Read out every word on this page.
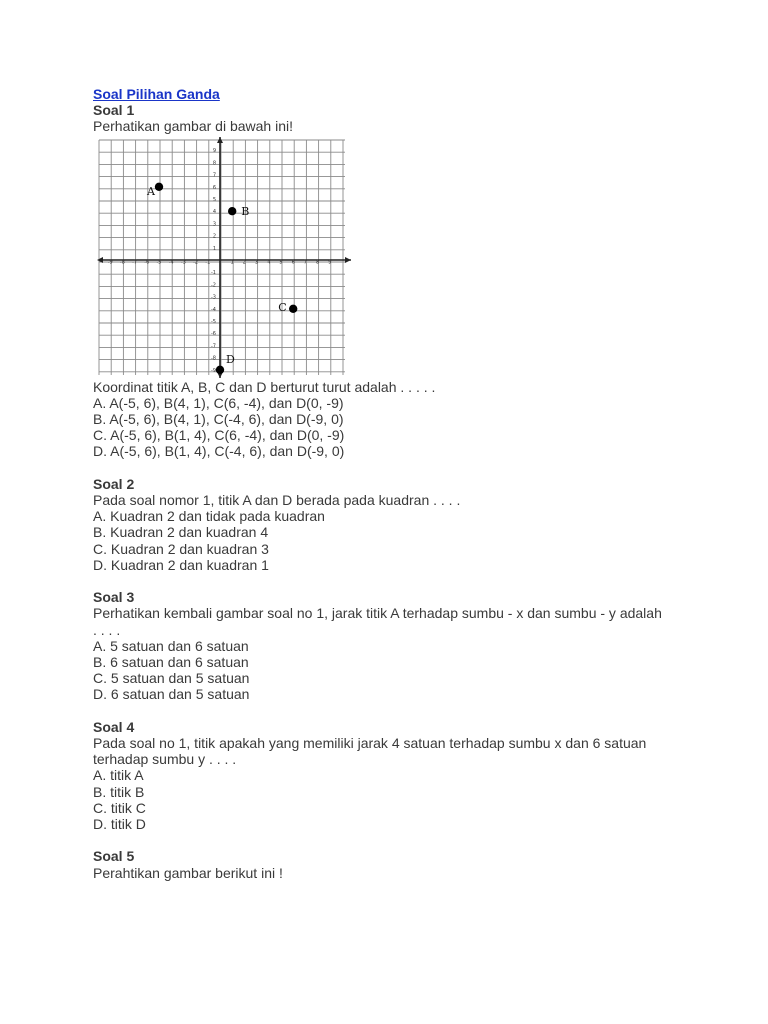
Soal Pilihan Ganda
Soal 1
Perhatikan gambar di bawah ini!
-9 -8 -7 -6 -5 -4 -3 -2 -1	1 2 3 4 5 6 7 8 9
9
8
7
6
5
4
3
2
1
-1
-2
-3
-4
-5
-6
-7
-8
-9
A
B
C
D
Koordinat titik A, B, C dan D berturut turut adalah . . . . .
A. A(-5, 6), B(4, 1), C(6, -4), dan D(0, -9)
B. A(-5, 6), B(4, 1), C(-4, 6), dan D(-9, 0)
C. A(-5, 6), B(1, 4), C(6, -4), dan D(0, -9)
D. A(-5, 6), B(1, 4), C(-4, 6), dan D(-9, 0)
Soal 2
Pada soal nomor 1, titik A dan D berada pada kuadran . . . .
A. Kuadran 2 dan tidak pada kuadran
B. Kuadran 2 dan kuadran 4
C. Kuadran 2 dan kuadran 3
D. Kuadran 2 dan kuadran 1
Soal 3
Perhatikan kembali gambar soal no 1, jarak titik A terhadap sumbu - x dan sumbu - y adalah . . . .
A. 5 satuan dan 6 satuan
B. 6 satuan dan 6 satuan
C. 5 satuan dan 5 satuan
D. 6 satuan dan 5 satuan
Soal 4
Pada soal no 1, titik apakah yang memiliki jarak 4 satuan terhadap sumbu x dan 6 satuan terhadap sumbu y . . . .
A. titik A
B. titik B
C. titik C
D. titik D
Soal 5
Perahtikan gambar berikut ini !
